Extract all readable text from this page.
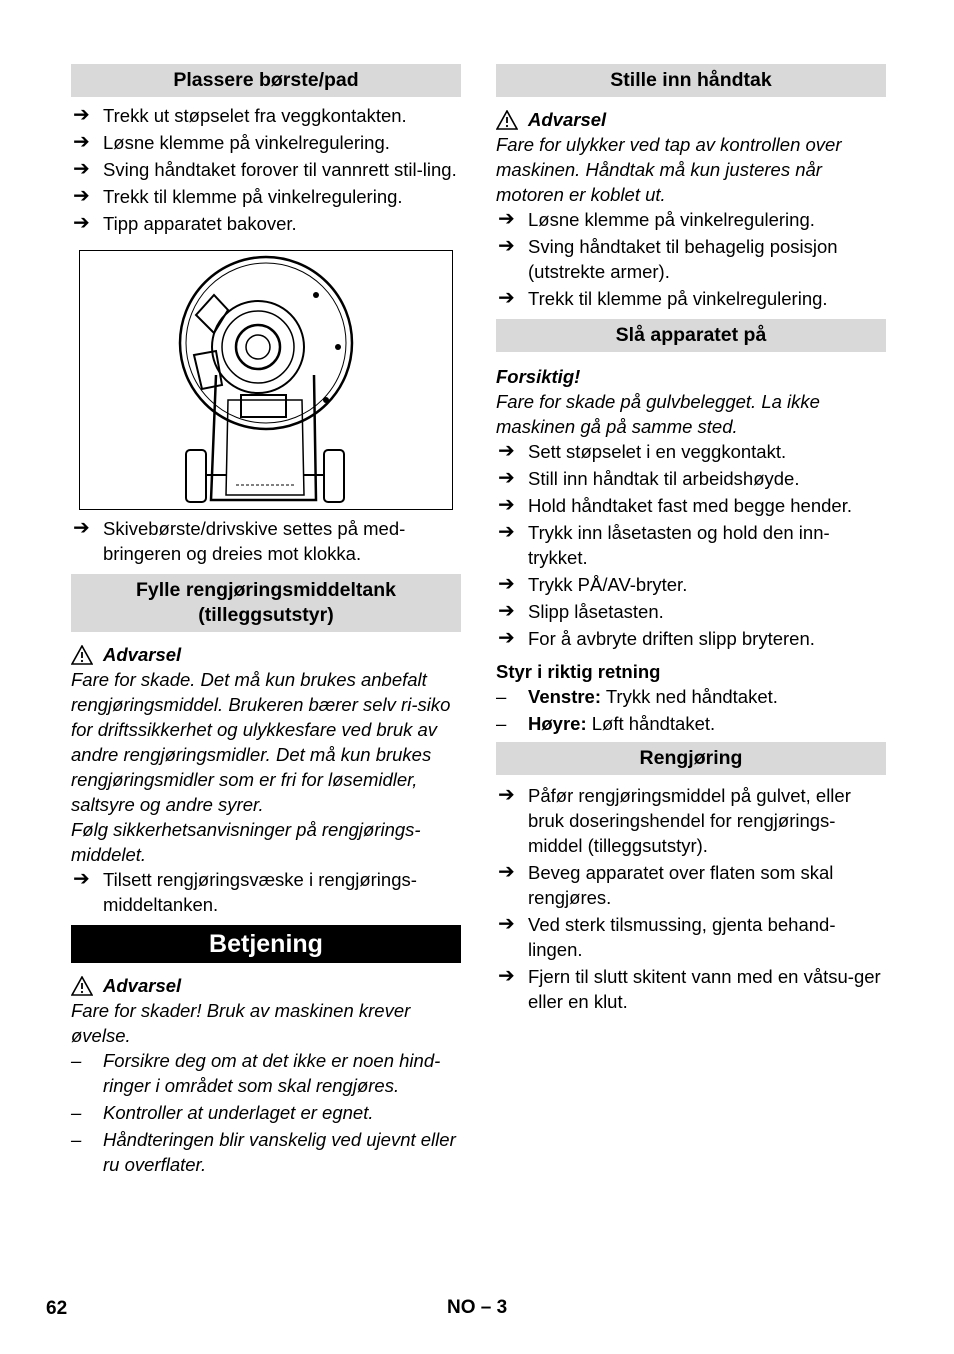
Plassere børste/pad
➔ Trekk ut støpselet fra veggkontakten.
➔ Løsne klemme på vinkelregulering.
➔ Sving håndtaket forover til vannrett stil-ling.
➔ Trekk til klemme på vinkelregulering.
➔ Tipp apparatet bakover.
➔ Skivebørste/drivskive settes på med-bringeren og dreies mot klokka.
Fylle rengjøringsmiddeltank (tilleggsutstyr)
Advarsel
Fare for skade. Det må kun brukes anbefalt rengjøringsmiddel. Brukeren bærer selv ri-siko for driftssikkerhet og ulykkesfare ved bruk av andre rengjøringsmidler. Det må kun brukes rengjøringsmidler som er fri for løsemidler, saltsyre og andre syrer.
Følg sikkerhetsanvisninger på rengjørings-middelet.
➔ Tilsett rengjøringsvæske i rengjørings-middeltanken.
Betjening
Advarsel
Fare for skader! Bruk av maskinen krever øvelse.
– Forsikre deg om at det ikke er noen hind-ringer i området som skal rengjøres.
– Kontroller at underlaget er egnet.
– Håndteringen blir vanskelig ved ujevnt eller ru overflater.
Stille inn håndtak
Advarsel
Fare for ulykker ved tap av kontrollen over maskinen. Håndtak må kun justeres når motoren er koblet ut.
➔ Løsne klemme på vinkelregulering.
➔ Sving håndtaket til behagelig posisjon (utstrekte armer).
➔ Trekk til klemme på vinkelregulering.
Slå apparatet på
Forsiktig!
Fare for skade på gulvbelegget. La ikke maskinen gå på samme sted.
➔ Sett støpselet i en veggkontakt.
➔ Still inn håndtak til arbeidshøyde.
➔ Hold håndtaket fast med begge hender.
➔ Trykk inn låsetasten og hold den inn-trykket.
➔ Trykk PÅ/AV-bryter.
➔ Slipp låsetasten.
➔ For å avbryte driften slipp bryteren.
Styr i riktig retning
– Venstre: Trykk ned håndtaket.
– Høyre: Løft håndtaket.
Rengjøring
➔ Påfør rengjøringsmiddel på gulvet, eller bruk doseringshendel for rengjørings-middel (tilleggsutstyr).
➔ Beveg apparatet over flaten som skal rengjøres.
➔ Ved sterk tilsmussing, gjenta behand-lingen.
➔ Fjern til slutt skitent vann med en våtsu-ger eller en klut.
62	NO – 3
